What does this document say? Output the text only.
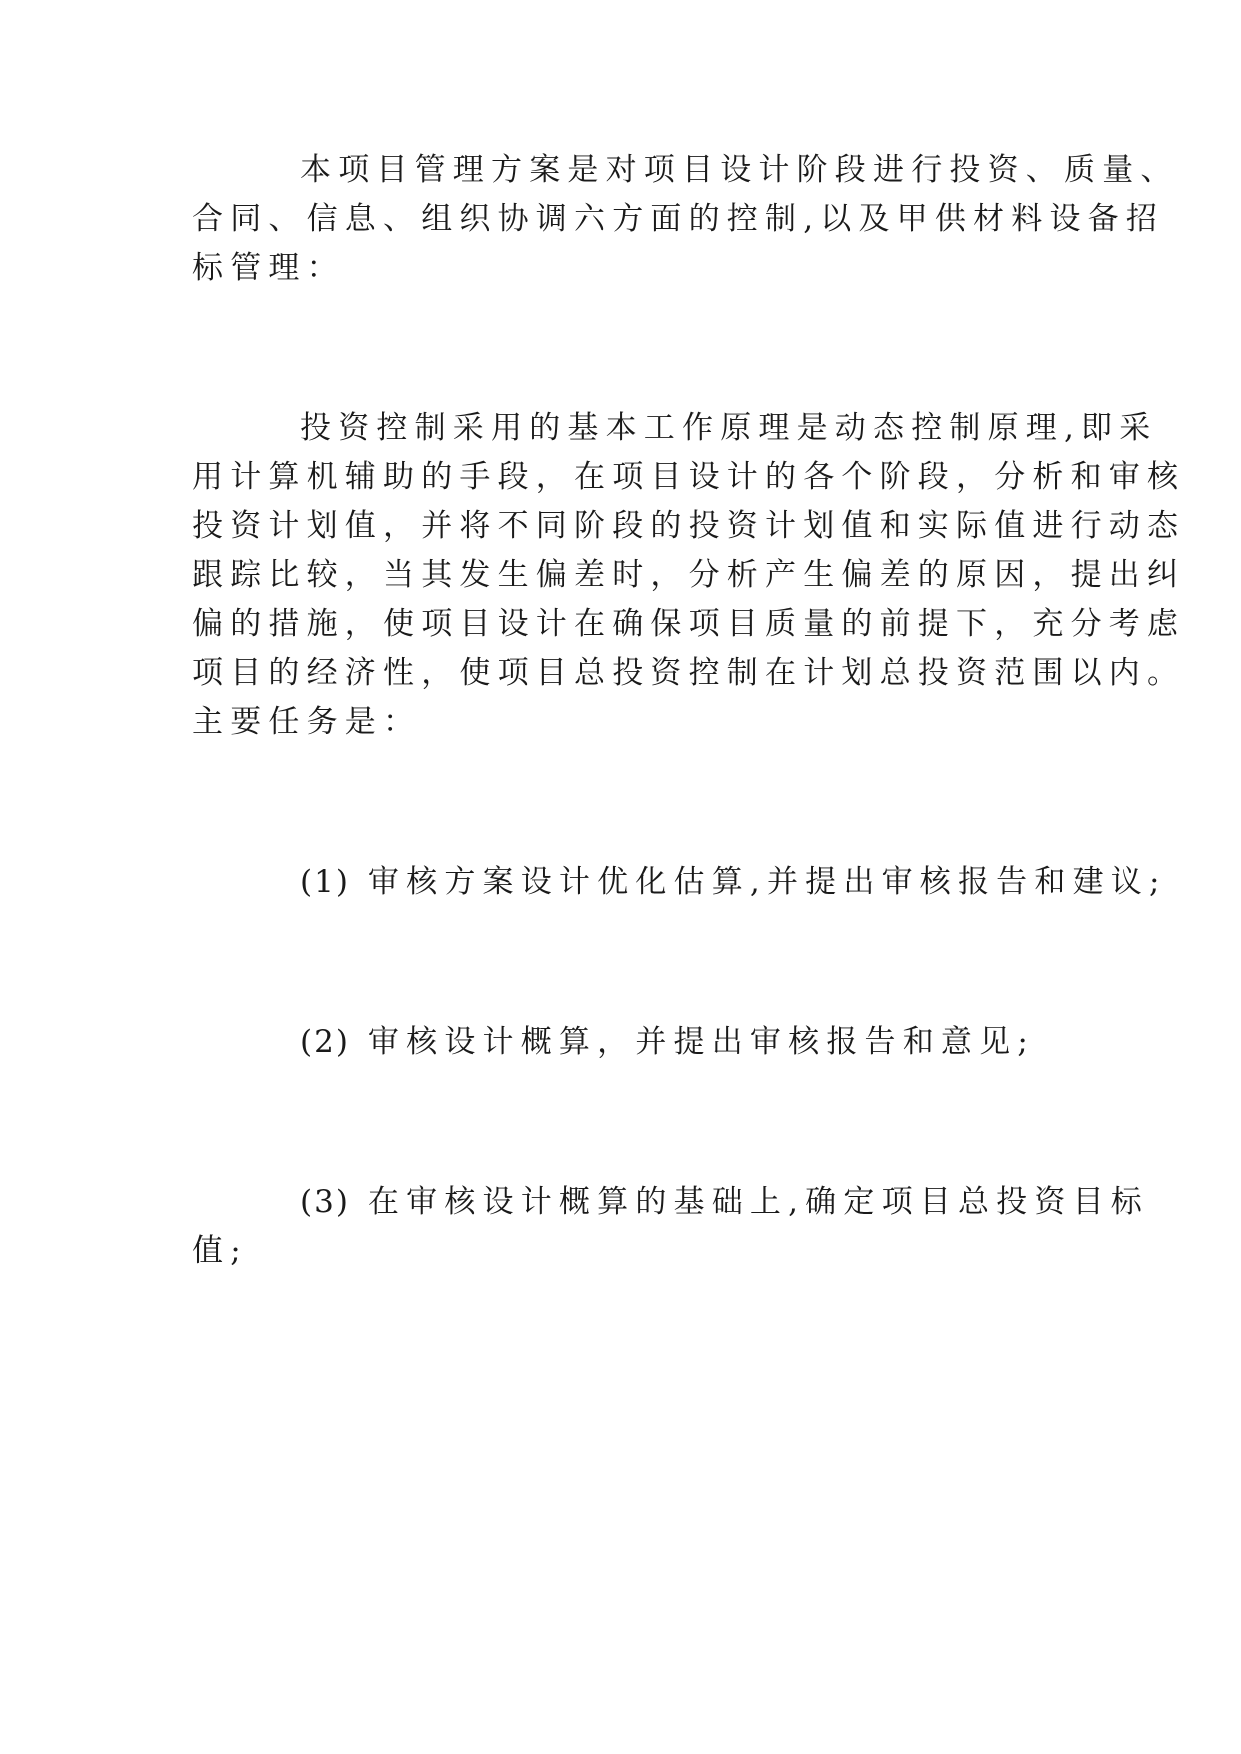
本项目管理方案是对项目设计阶段进行投资、质量、
合同、信息、组织协调六方面的控制,以及甲供材料设备招
标管理：
投资控制采用的基本工作原理是动态控制原理,即采
用计算机辅助的手段，在项目设计的各个阶段，分析和审核
投资计划值，并将不同阶段的投资计划值和实际值进行动态
跟踪比较，当其发生偏差时，分析产生偏差的原因，提出纠
偏的措施，使项目设计在确保项目质量的前提下，充分考虑
项目的经济性，使项目总投资控制在计划总投资范围以内。
主要任务是：
(1) 审核方案设计优化估算,并提出审核报告和建议;
(2) 审核设计概算，并提出审核报告和意见;
(3) 在审核设计概算的基础上,确定项目总投资目标
值;
